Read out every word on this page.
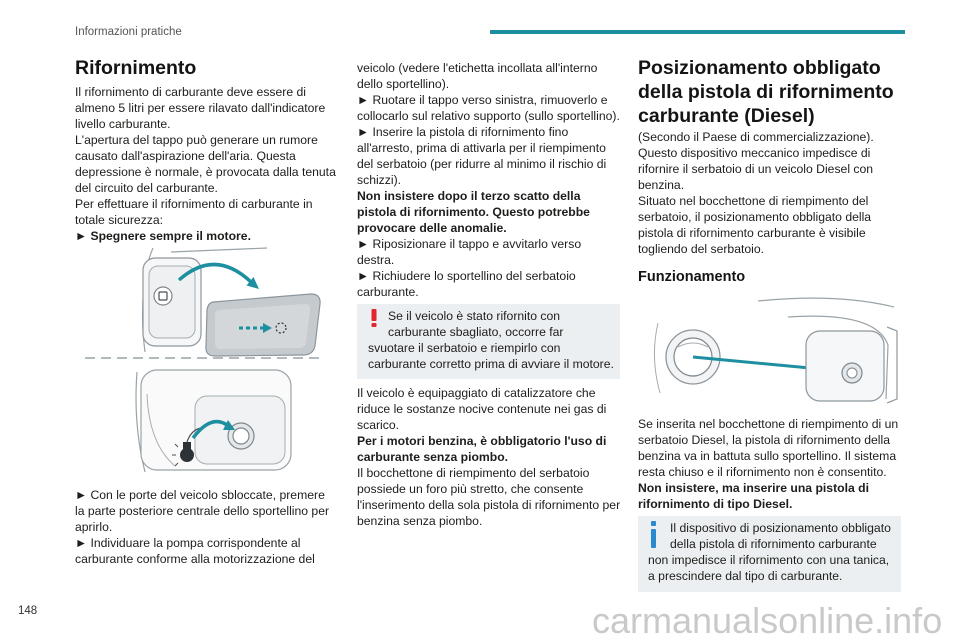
Informazioni pratiche
Rifornimento
Il rifornimento di carburante deve essere di
almeno 5 litri per essere rilavato dall'indicatore
livello carburante.
L'apertura del tappo può generare un rumore
causato dall'aspirazione dell'aria. Questa
depressione è normale, è provocata dalla tenuta
del circuito del carburante.
Per effettuare il rifornimento di carburante in
totale sicurezza:
► Spegnere sempre il motore.
► Con le porte del veicolo sbloccate, premere
la parte posteriore centrale dello sportellino per
aprirlo.
► Individuare la pompa corrispondente al
carburante conforme alla motorizzazione del
veicolo (vedere l'etichetta incollata all'interno
dello sportellino).
► Ruotare il tappo verso sinistra, rimuoverlo e
collocarlo sul relativo supporto (sullo sportellino).
► Inserire la pistola di rifornimento fino
all'arresto, prima di attivarla per il riempimento
del serbatoio (per ridurre al minimo il rischio di
schizzi).
Non insistere dopo il terzo scatto della
pistola di rifornimento. Questo potrebbe
provocare delle anomalie.
► Riposizionare il tappo e avvitarlo verso
destra.
► Richiudere lo sportellino del serbatoio
carburante.
Se il veicolo è stato rifornito con
carburante sbagliato, occorre far
svuotare il serbatoio e riempirlo con
carburante corretto prima di avviare il motore.
Il veicolo è equipaggiato di catalizzatore che
riduce le sostanze nocive contenute nei gas di
scarico.
Per i motori benzina, è obbligatorio l'uso di
carburante senza piombo.
Il bocchettone di riempimento del serbatoio
possiede un foro più stretto, che consente
l'inserimento della sola pistola di rifornimento per
benzina senza piombo.
Posizionamento obbligato
della pistola di rifornimento
carburante (Diesel)
(Secondo il Paese di commercializzazione).
Questo dispositivo meccanico impedisce di
rifornire il serbatoio di un veicolo Diesel con
benzina.
Situato nel bocchettone di riempimento del
serbatoio, il posizionamento obbligato della
pistola di rifornimento carburante è visibile
togliendo del serbatoio.
Funzionamento
Se inserita nel bocchettone di riempimento di un
serbatoio Diesel, la pistola di rifornimento della
benzina va in battuta sullo sportellino. Il sistema
resta chiuso e il rifornimento non è consentito.
Non insistere, ma inserire una pistola di
rifornimento di tipo Diesel.
Il dispositivo di posizionamento obbligato
della pistola di rifornimento carburante
non impedisce il rifornimento con una tanica,
a prescindere dal tipo di carburante.
148	carmanualsonline.info
